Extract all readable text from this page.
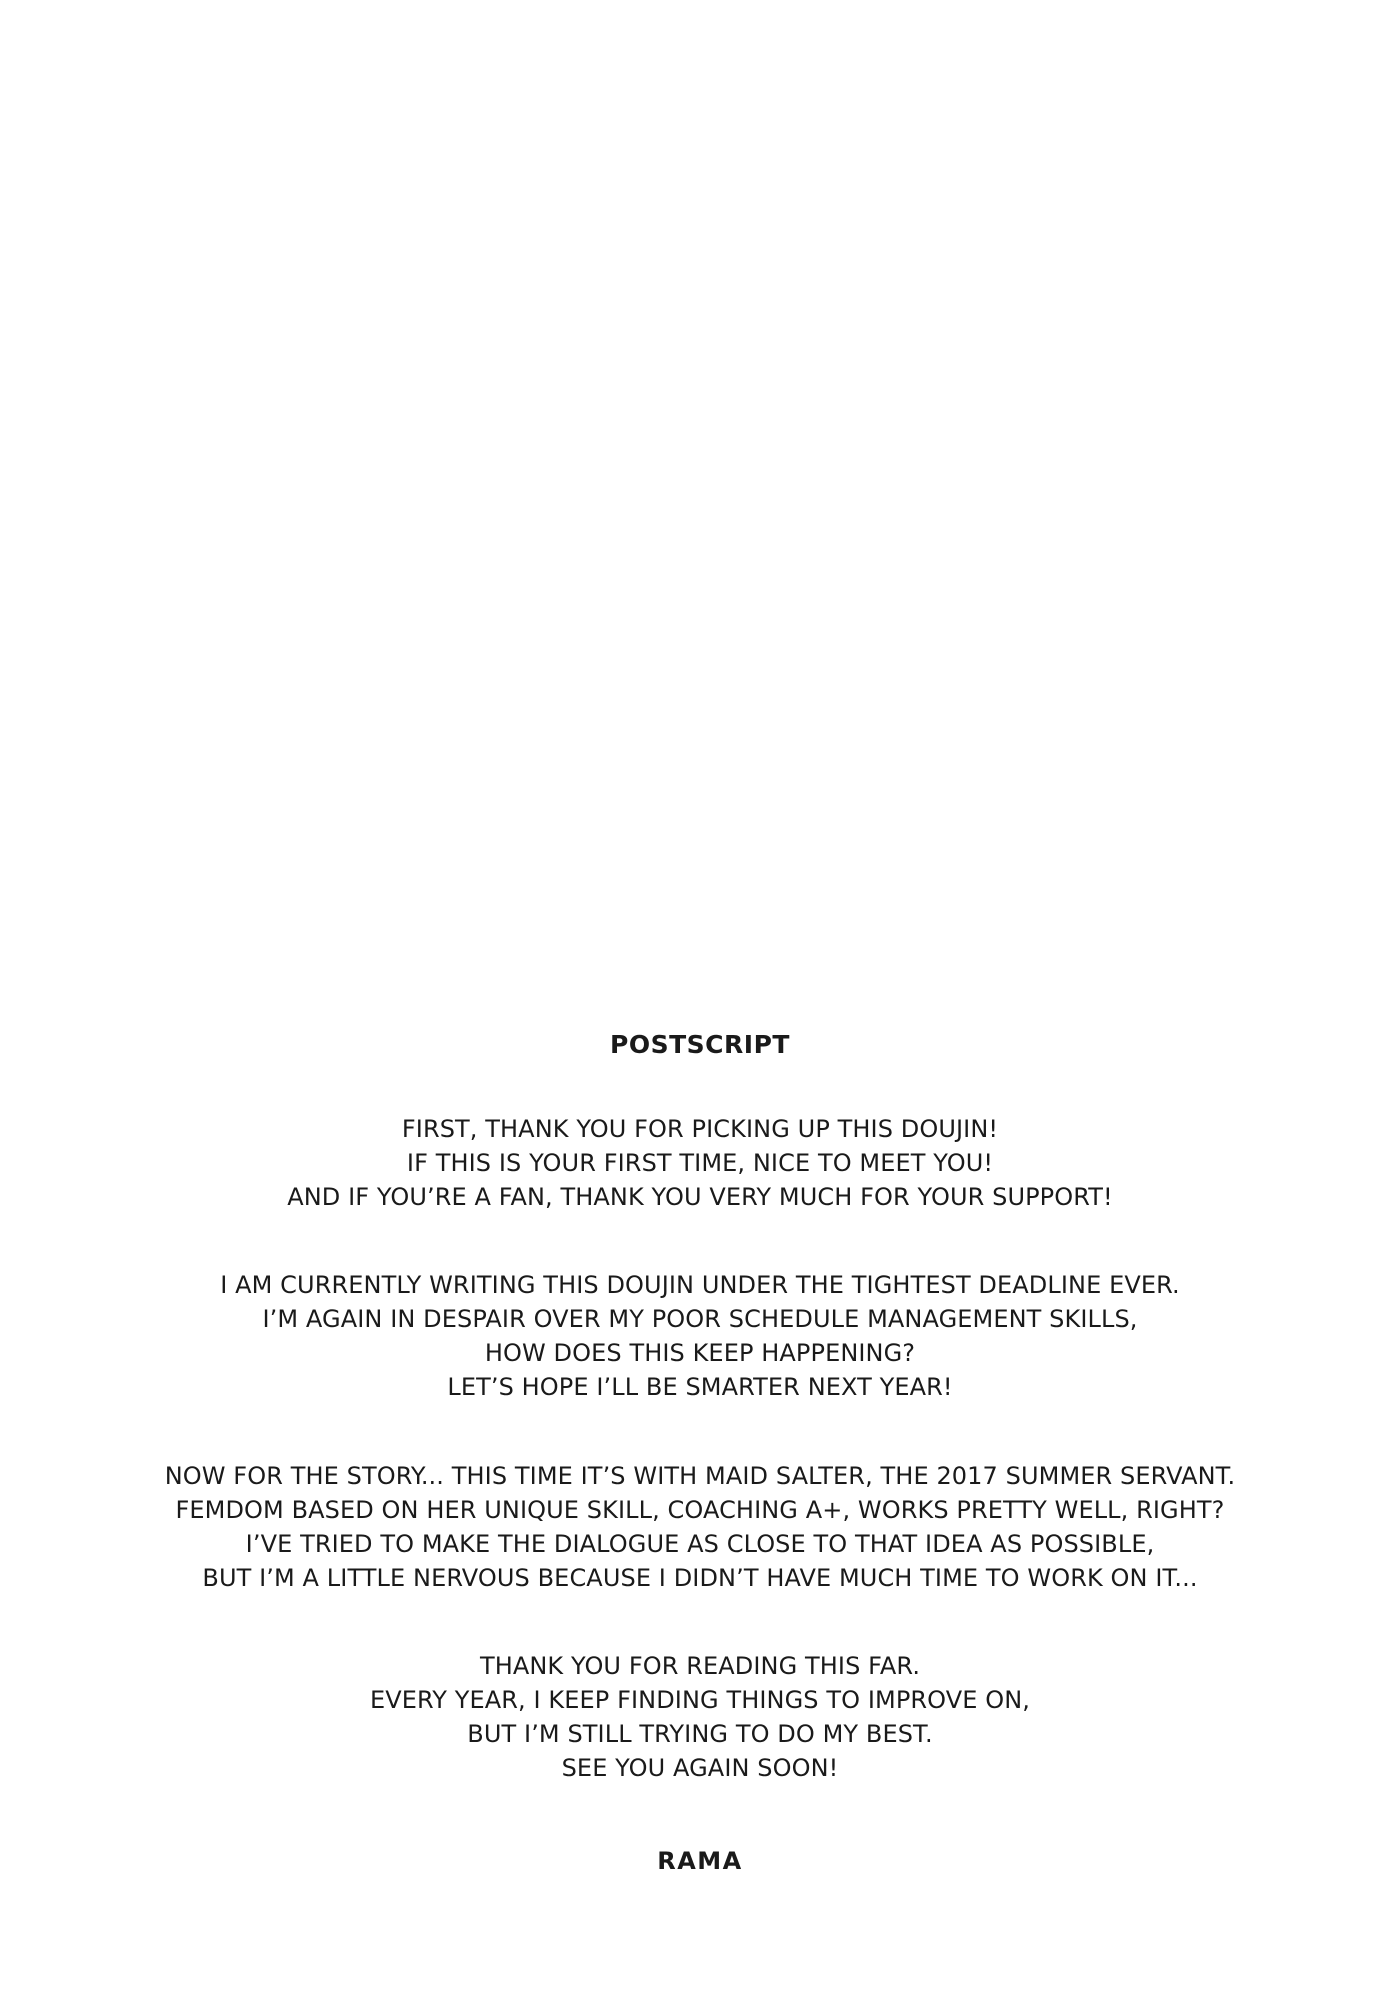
POSTSCRIPT

FIRST, THANK YOU FOR PICKING UP THIS DOUJIN!
IF THIS IS YOUR FIRST TIME, NICE TO MEET YOU!
AND IF YOU’RE A FAN, THANK YOU VERY MUCH FOR YOUR SUPPORT!

I AM CURRENTLY WRITING THIS DOUJIN UNDER THE TIGHTEST DEADLINE EVER.
I’M AGAIN IN DESPAIR OVER MY POOR SCHEDULE MANAGEMENT SKILLS,
HOW DOES THIS KEEP HAPPENING?
LET’S HOPE I’LL BE SMARTER NEXT YEAR!

NOW FOR THE STORY... THIS TIME IT’S WITH MAID SALTER, THE 2017 SUMMER SERVANT.
FEMDOM BASED ON HER UNIQUE SKILL, COACHING A+, WORKS PRETTY WELL, RIGHT?
I’VE TRIED TO MAKE THE DIALOGUE AS CLOSE TO THAT IDEA AS POSSIBLE,
BUT I’M A LITTLE NERVOUS BECAUSE I DIDN’T HAVE MUCH TIME TO WORK ON IT...

THANK YOU FOR READING THIS FAR.
EVERY YEAR, I KEEP FINDING THINGS TO IMPROVE ON,
BUT I’M STILL TRYING TO DO MY BEST.
SEE YOU AGAIN SOON!

RAMA
